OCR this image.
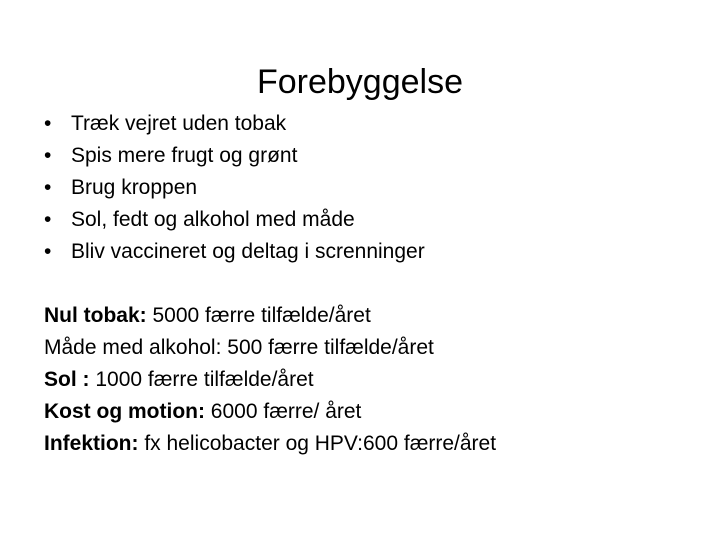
Forebyggelse
• Træk vejret uden tobak
• Spis mere frugt og grønt
• Brug kroppen
• Sol, fedt og alkohol med måde
• Bliv vaccineret og deltag i screnninger
Nul tobak: 5000 færre tilfælde/året
Måde med alkohol: 500 færre tilfælde/året
Sol : 1000 færre tilfælde/året
Kost og motion: 6000 færre/ året
Infektion: fx helicobacter og HPV:600 færre/året
